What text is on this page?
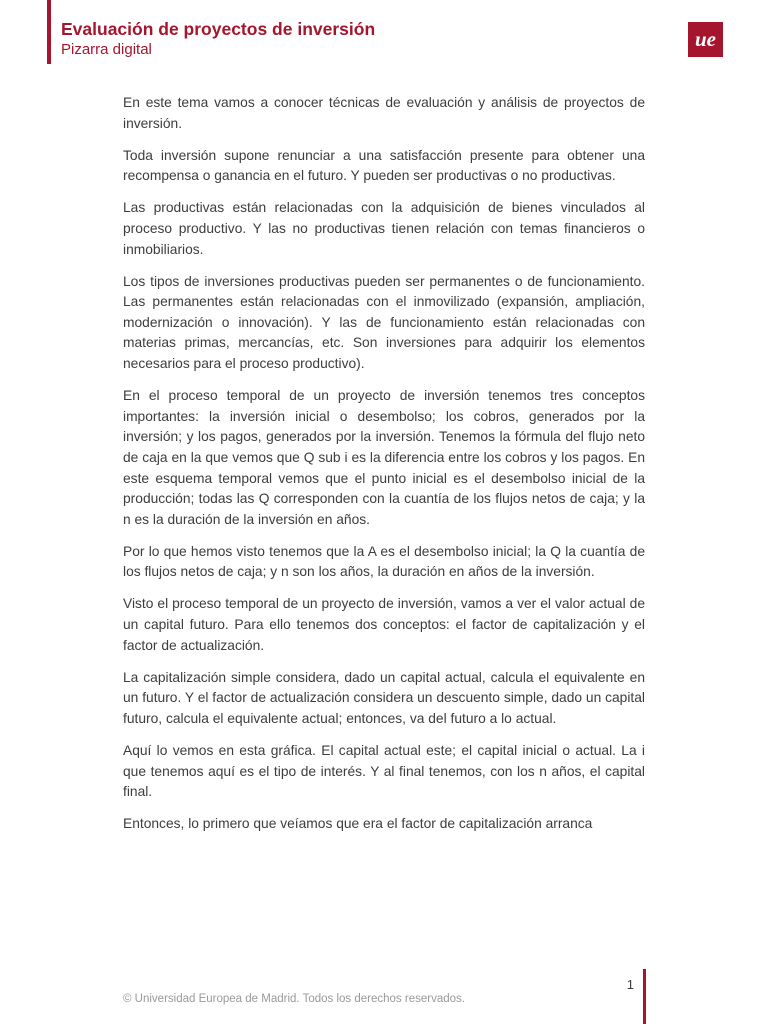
Evaluación de proyectos de inversión
Pizarra digital	ue

En este tema vamos a conocer técnicas de evaluación y análisis de proyectos de inversión.

Toda inversión supone renunciar a una satisfacción presente para obtener una recompensa o ganancia en el futuro. Y pueden ser productivas o no productivas.

Las productivas están relacionadas con la adquisición de bienes vinculados al proceso productivo. Y las no productivas tienen relación con temas financieros o inmobiliarios.

Los tipos de inversiones productivas pueden ser permanentes o de funcionamiento. Las permanentes están relacionadas con el inmovilizado (expansión, ampliación, modernización o innovación). Y las de funcionamiento están relacionadas con materias primas, mercancías, etc. Son inversiones para adquirir los elementos necesarios para el proceso productivo).

En el proceso temporal de un proyecto de inversión tenemos tres conceptos importantes: la inversión inicial o desembolso; los cobros, generados por la inversión; y los pagos, generados por la inversión. Tenemos la fórmula del flujo neto de caja en la que vemos que Q sub i es la diferencia entre los cobros y los pagos. En este esquema temporal vemos que el punto inicial es el desembolso inicial de la producción; todas las Q corresponden con la cuantía de los flujos netos de caja; y la n es la duración de la inversión en años.

Por lo que hemos visto tenemos que la A es el desembolso inicial; la Q la cuantía de los flujos netos de caja; y n son los años, la duración en años de la inversión.

Visto el proceso temporal de un proyecto de inversión, vamos a ver el valor actual de un capital futuro. Para ello tenemos dos conceptos: el factor de capitalización y el factor de actualización.

La capitalización simple considera, dado un capital actual, calcula el equivalente en un futuro. Y el factor de actualización considera un descuento simple, dado un capital futuro, calcula el equivalente actual; entonces, va del futuro a lo actual.

Aquí lo vemos en esta gráfica. El capital actual este; el capital inicial o actual. La i que tenemos aquí es el tipo de interés. Y al final tenemos, con los n años, el capital final.

Entonces, lo primero que veíamos que era el factor de capitalización arranca

1
© Universidad Europea de Madrid. Todos los derechos reservados.
